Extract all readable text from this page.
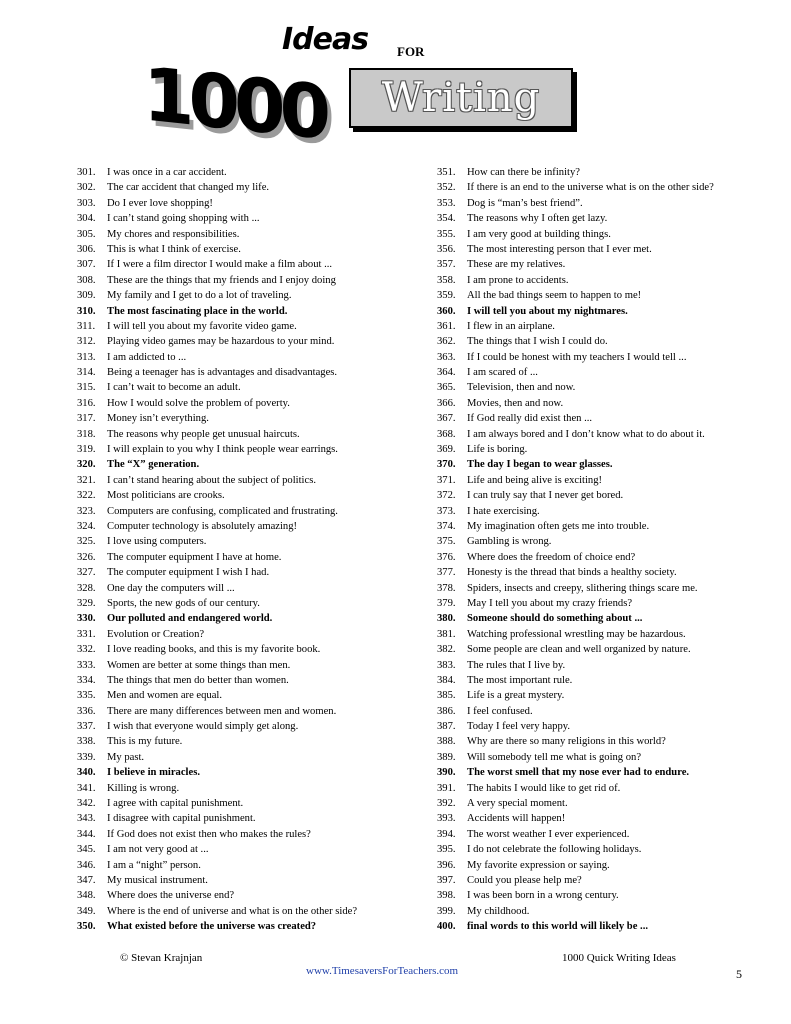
Ideas FOR
1000 Writing
301.	I was once in a car accident.
302.	The car accident that changed my life.
303.	Do I ever love shopping!
304.	I can’t stand going shopping with ...
305.	My chores and responsibilities.
306.	This is what I think of exercise.
307.	If I were a film director I would make a film about ...
308.	These are the things that my friends and I enjoy doing
309.	My family and I get to do a lot of traveling.
310.	The most fascinating place in the world.
311.	I will tell you about my favorite video game.
312.	Playing video games may be hazardous to your mind.
313.	I am addicted to ...
314.	Being a teenager has is advantages and disadvantages.
315.	I can’t wait to become an adult.
316.	How I would solve the problem of poverty.
317.	Money isn’t everything.
318.	The reasons why people get unusual haircuts.
319.	I will explain to you why I think people wear earrings.
320.	The “X” generation.
321.	I can’t stand hearing about the subject of politics.
322.	Most politicians are crooks.
323.	Computers are confusing, complicated and frustrating.
324.	Computer technology is absolutely amazing!
325.	I love using computers.
326.	The computer equipment I have at home.
327.	The computer equipment I wish I had.
328.	One day the computers will ...
329.	Sports, the new gods of our century.
330.	Our polluted and endangered world.
331.	Evolution or Creation?
332.	I love reading books, and this is my favorite book.
333.	Women are better at some things than men.
334.	The things that men do better than women.
335.	Men and women are equal.
336.	There are many differences between men and women.
337.	I wish that everyone would simply get along.
338.	This is my future.
339.	My past.
340.	I believe in miracles.
341.	Killing is wrong.
342.	I agree with capital punishment.
343.	I disagree with capital punishment.
344.	If God does not exist then who makes the rules?
345.	I am not very good at ...
346.	I am a “night” person.
347.	My musical instrument.
348.	Where does the universe end?
349.	Where is the end of universe and what is on the other side?
350.	What existed before the universe was created?
351.	How can there be infinity?
352.	If there is an end to the universe what is on the other side?
353.	Dog is “man’s best friend”.
354.	The reasons why I often get lazy.
355.	I am very good at building things.
356.	The most interesting person that I ever met.
357.	These are my relatives.
358.	I am prone to accidents.
359.	All the bad things seem to happen to me!
360.	I will tell you about my nightmares.
361.	I flew in an airplane.
362.	The things that I wish I could do.
363.	If I could be honest with my teachers I would tell ...
364.	I am scared of ...
365.	Television, then and now.
366.	Movies, then and now.
367.	If God really did exist then ...
368.	I am always bored and I don’t know what to do about it.
369.	Life is boring.
370.	The day I began to wear glasses.
371.	Life and being alive is exciting!
372.	I can truly say that I never get bored.
373.	I hate exercising.
374.	My imagination often gets me into trouble.
375.	Gambling is wrong.
376.	Where does the freedom of choice end?
377.	Honesty is the thread that binds a healthy society.
378.	Spiders, insects and creepy, slithering things scare me.
379.	May I tell you about my crazy friends?
380.	Someone should do something about ...
381.	Watching professional wrestling may be hazardous.
382.	Some people are clean and well organized by nature.
383.	The rules that I live by.
384.	The most important rule.
385.	Life is a great mystery.
386.	I feel confused.
387.	Today I feel very happy.
388.	Why are there so many religions in this world?
389.	Will somebody tell me what is going on?
390.	The worst smell that my nose ever had to endure.
391.	The habits I would like to get rid of.
392.	A very special moment.
393.	Accidents will happen!
394.	The worst weather I ever experienced.
395.	I do not celebrate the following holidays.
396.	My favorite expression or saying.
397.	Could you please help me?
398.	I was been born in a wrong century.
399.	My childhood.
400.	final words to this world will likely be ...
© Stevan Krajnjan
www.TimesaversForTeachers.com
1000 Quick Writing Ideas
5
